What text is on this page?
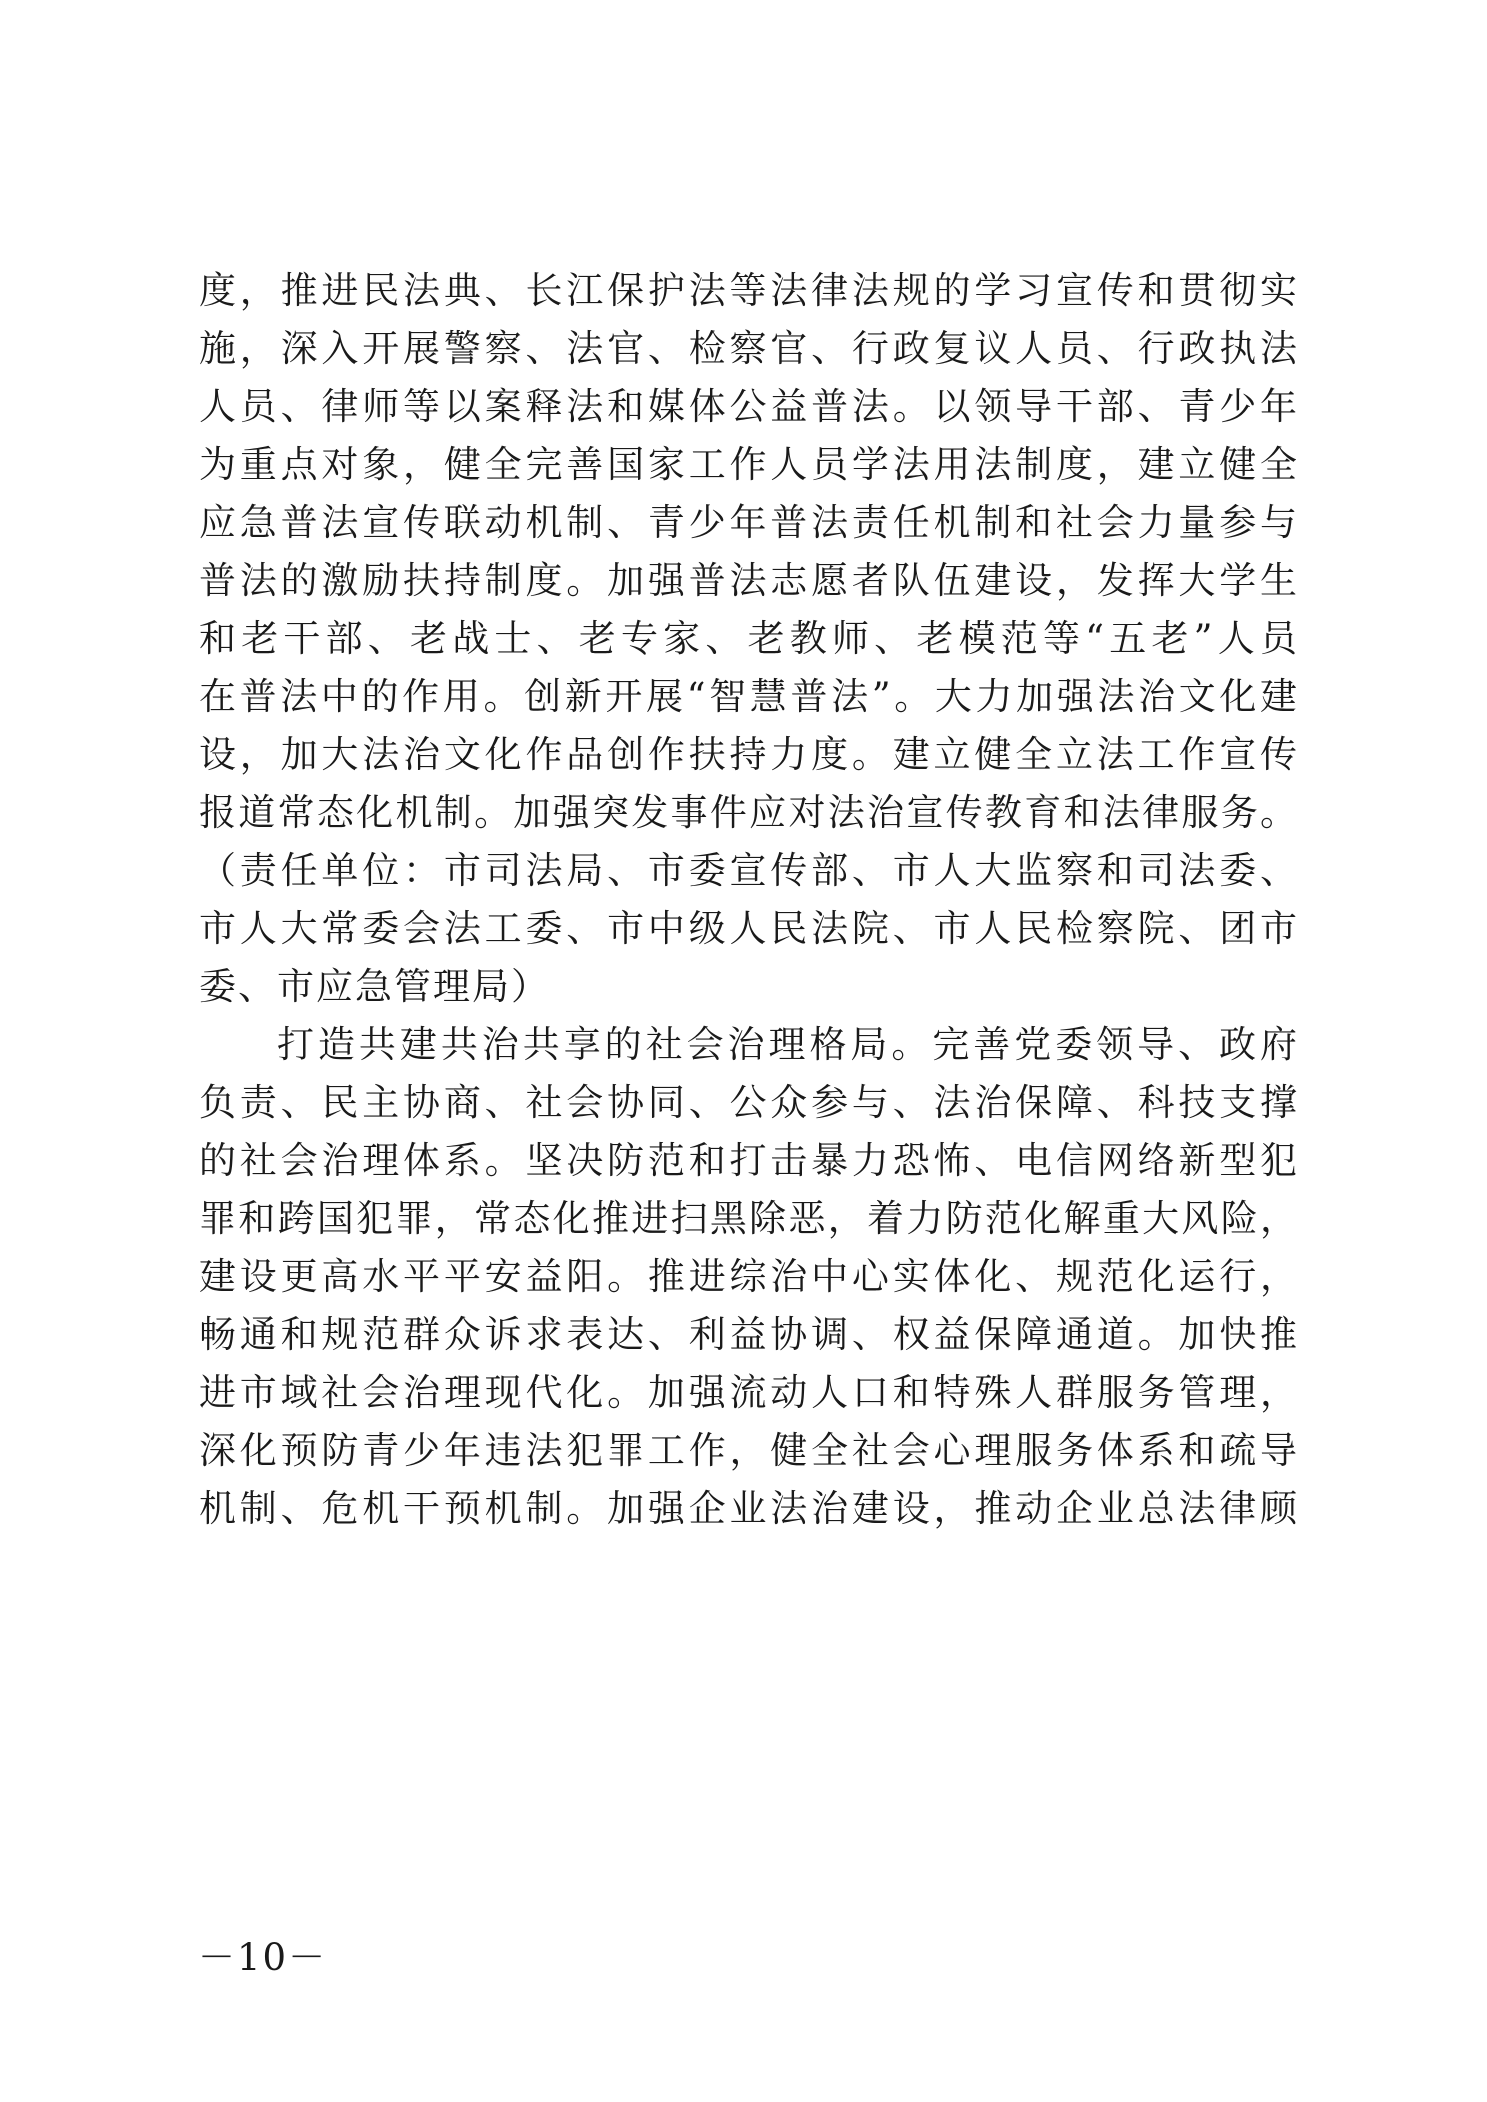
度，推进民法典、长江保护法等法律法规的学习宣传和贯彻实
施，深入开展警察、法官、检察官、行政复议人员、行政执法
人员、律师等以案释法和媒体公益普法。以领导干部、青少年
为重点对象，健全完善国家工作人员学法用法制度，建立健全
应急普法宣传联动机制、青少年普法责任机制和社会力量参与
普法的激励扶持制度。加强普法志愿者队伍建设，发挥大学生
和老干部、老战士、老专家、老教师、老模范等“五老”人员
在普法中的作用。创新开展“智慧普法”。大力加强法治文化建
设，加大法治文化作品创作扶持力度。建立健全立法工作宣传
报道常态化机制。加强突发事件应对法治宣传教育和法律服务。
（责任单位：市司法局、市委宣传部、市人大监察和司法委、
市人大常委会法工委、市中级人民法院、市人民检察院、团市
委、市应急管理局）
打造共建共治共享的社会治理格局。完善党委领导、政府
负责、民主协商、社会协同、公众参与、法治保障、科技支撑
的社会治理体系。坚决防范和打击暴力恐怖、电信网络新型犯
罪和跨国犯罪，常态化推进扫黑除恶，着力防范化解重大风险，
建设更高水平平安益阳。推进综治中心实体化、规范化运行，
畅通和规范群众诉求表达、利益协调、权益保障通道。加快推
进市域社会治理现代化。加强流动人口和特殊人群服务管理，
深化预防青少年违法犯罪工作，健全社会心理服务体系和疏导
机制、危机干预机制。加强企业法治建设，推动企业总法律顾
－10－
